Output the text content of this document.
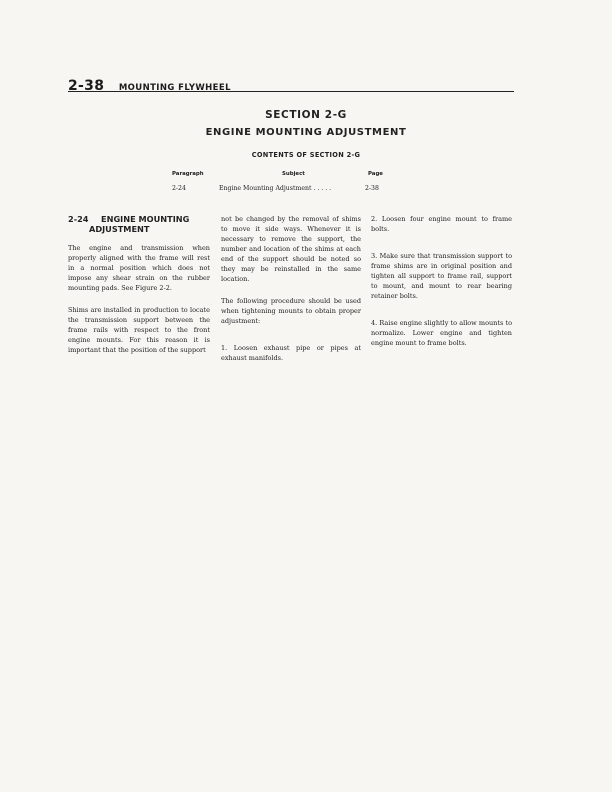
2-38 MOUNTING FLYWHEEL
SECTION 2-G
ENGINE MOUNTING ADJUSTMENT
CONTENTS OF SECTION 2-G
Paragraph	Subject	Page
2-24	Engine Mounting Adjustment . . . . .	2-38
2-24 ENGINE MOUNTING
ADJUSTMENT

The engine and transmission when properly aligned with the frame will rest in a normal position which does not impose any shear strain on the rubber mounting pads. See Figure 2-2.

Shims are installed in production to locate the transmission support between the frame rails with respect to the front engine mounts. For this reason it is important that the position of the support

not be changed by the removal of shims to move it side ways. Whenever it is necessary to remove the support, the number and location of the shims at each end of the support should be noted so they may be reinstalled in the same location.

The following procedure should be used when tightening mounts to obtain proper adjustment:

1. Loosen exhaust pipe or pipes at exhaust manifolds.

2. Loosen four engine mount to frame bolts.

3. Make sure that transmission support to frame shims are in original position and tighten all support to frame rail, support to mount, and mount to rear bearing retainer bolts.

4. Raise engine slightly to allow mounts to normalize. Lower engine and tighten engine mount to frame bolts.
